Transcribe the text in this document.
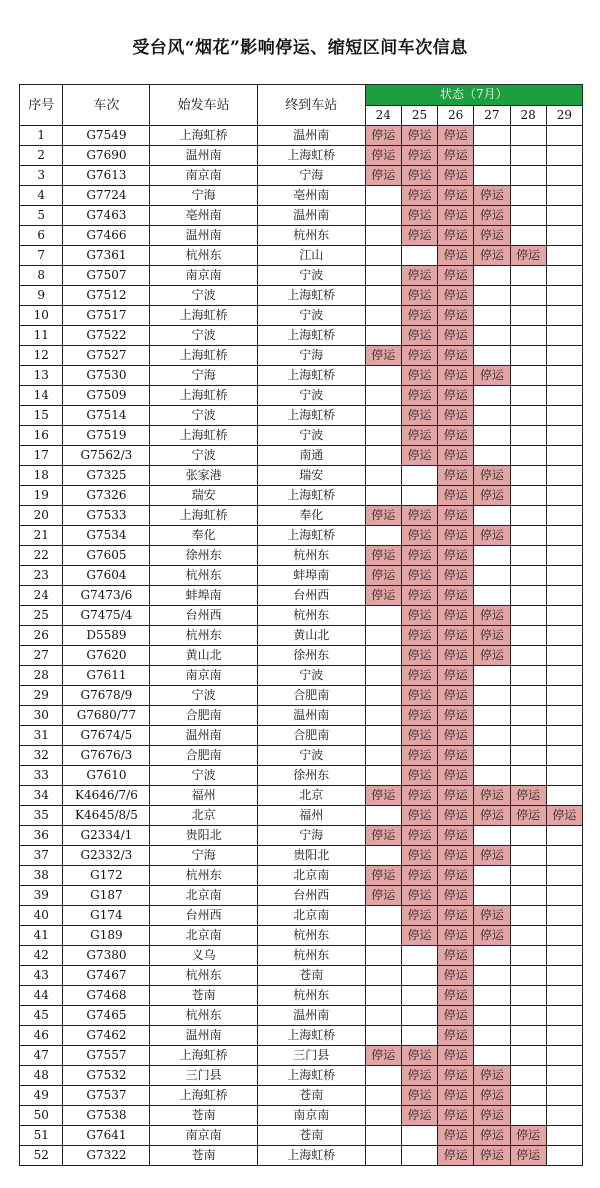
受台风“烟花”影响停运、缩短区间车次信息
序号	车次	始发车站	终到车站	状态（7月）					
				24	25	26	27	28	29
1	G7549	上海虹桥	温州南	停运	停运	停运			
2	G7690	温州南	上海虹桥	停运	停运	停运			
3	G7613	南京南	宁海	停运	停运	停运			
4	G7724	宁海	亳州南		停运	停运	停运		
5	G7463	亳州南	温州南		停运	停运	停运		
6	G7466	温州南	杭州东		停运	停运	停运		
7	G7361	杭州东	江山			停运	停运	停运	
8	G7507	南京南	宁波		停运	停运			
9	G7512	宁波	上海虹桥		停运	停运			
10	G7517	上海虹桥	宁波		停运	停运			
11	G7522	宁波	上海虹桥		停运	停运			
12	G7527	上海虹桥	宁海	停运	停运	停运			
13	G7530	宁海	上海虹桥		停运	停运	停运		
14	G7509	上海虹桥	宁波		停运	停运			
15	G7514	宁波	上海虹桥		停运	停运			
16	G7519	上海虹桥	宁波		停运	停运			
17	G7562/3	宁波	南通		停运	停运			
18	G7325	张家港	瑞安			停运	停运		
19	G7326	瑞安	上海虹桥			停运	停运		
20	G7533	上海虹桥	奉化	停运	停运	停运			
21	G7534	奉化	上海虹桥		停运	停运	停运		
22	G7605	徐州东	杭州东	停运	停运	停运			
23	G7604	杭州东	蚌埠南	停运	停运	停运			
24	G7473/6	蚌埠南	台州西	停运	停运	停运			
25	G7475/4	台州西	杭州东		停运	停运	停运		
26	D5589	杭州东	黄山北		停运	停运	停运		
27	G7620	黄山北	徐州东		停运	停运	停运		
28	G7611	南京南	宁波		停运	停运			
29	G7678/9	宁波	合肥南		停运	停运			
30	G7680/77	合肥南	温州南		停运	停运			
31	G7674/5	温州南	合肥南		停运	停运			
32	G7676/3	合肥南	宁波		停运	停运			
33	G7610	宁波	徐州东		停运	停运			
34	K4646/7/6	福州	北京	停运	停运	停运	停运	停运	
35	K4645/8/5	北京	福州		停运	停运	停运	停运	停运
36	G2334/1	贵阳北	宁海	停运	停运	停运			
37	G2332/3	宁海	贵阳北		停运	停运	停运		
38	G172	杭州东	北京南	停运	停运	停运			
39	G187	北京南	台州西	停运	停运	停运			
40	G174	台州西	北京南		停运	停运	停运		
41	G189	北京南	杭州东		停运	停运	停运		
42	G7380	义乌	杭州东			停运			
43	G7467	杭州东	苍南			停运			
44	G7468	苍南	杭州东			停运			
45	G7465	杭州东	温州南			停运			
46	G7462	温州南	上海虹桥			停运			
47	G7557	上海虹桥	三门县	停运	停运	停运			
48	G7532	三门县	上海虹桥		停运	停运	停运		
49	G7537	上海虹桥	苍南		停运	停运	停运		
50	G7538	苍南	南京南		停运	停运	停运		
51	G7641	南京南	苍南			停运	停运	停运	
52	G7322	苍南	上海虹桥			停运	停运	停运	
